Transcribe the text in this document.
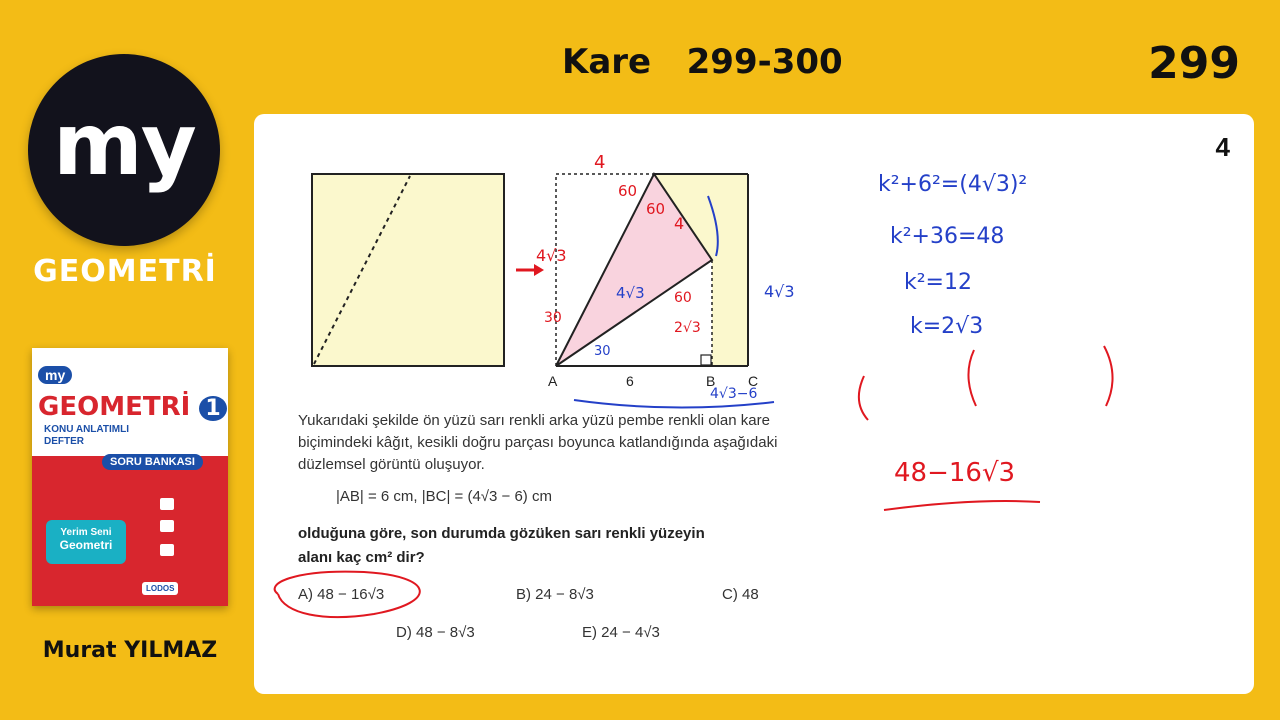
my
GEOMETRİ
my
GEOMETRİ 1
KONU ANLATIMLI
DEFTER
SORU BANKASI
Yerim Seni
Geometri
LODOS
Murat YILMAZ
Kare   299-300	299
4
A	6	B C
4
60
60
4
4√3
30
60
2√3
4√3
30
4√3−6
4√3
k²+6²=(4√3)²
k²+36=48
k²=12
k=2√3
48−16√3
Yukarıdaki şekilde ön yüzü sarı renkli arka yüzü pembe renkli olan kare biçimindeki kâğıt, kesikli doğru parçası boyunca katlandığında aşağıdaki düzlemsel görüntü oluşuyor.
|AB| = 6 cm, |BC| = (4√3 − 6) cm
olduğuna göre, son durumda gözüken sarı renkli yüzeyin
alanı kaç cm² dir?
A) 48 − 16√3	B) 24 − 8√3	C) 48
D) 48 − 8√3	E) 24 − 4√3
